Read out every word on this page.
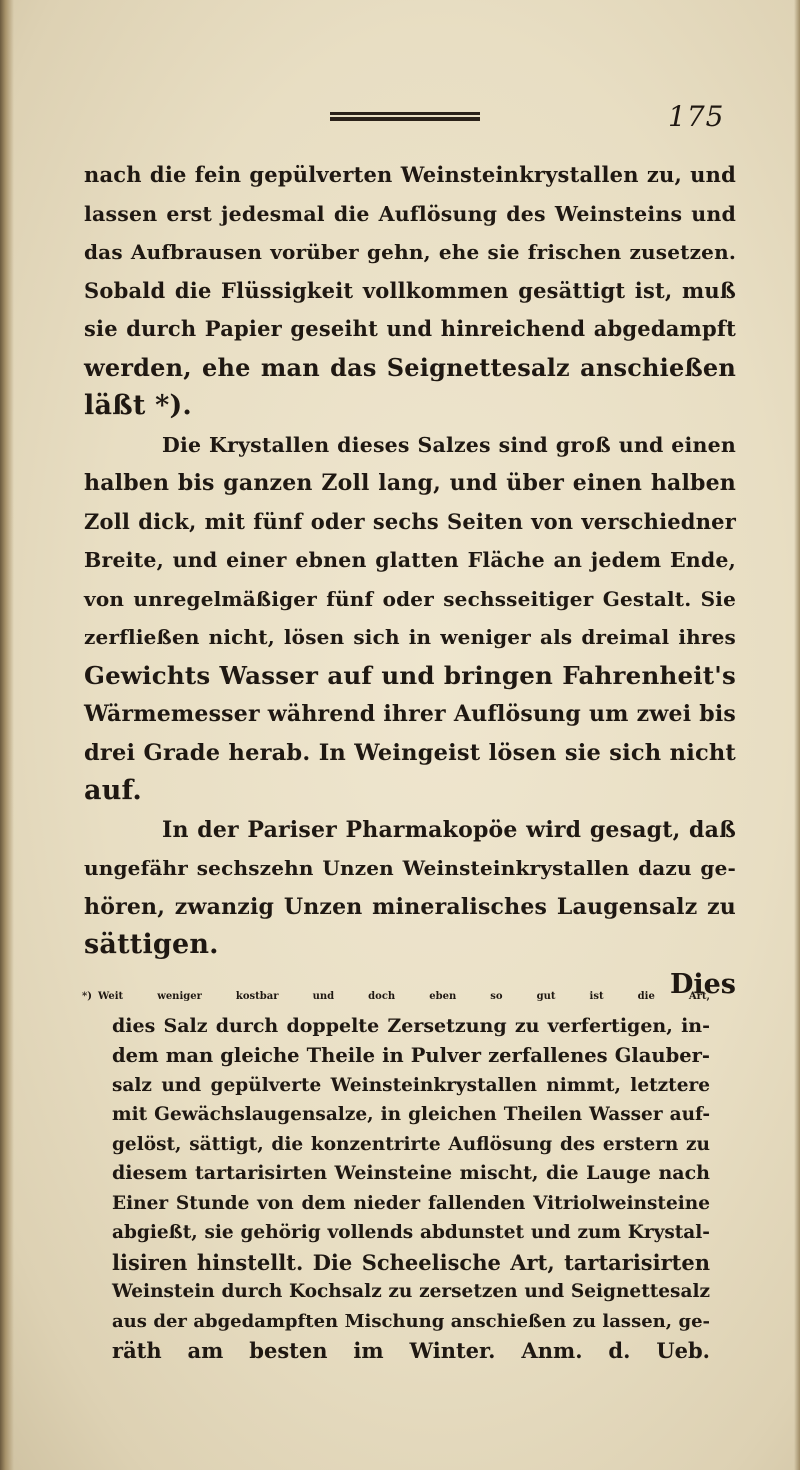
175
nach die fein gepülverten Weinsteinkrystallen zu, und
lassen erst jedesmal die Auflösung des Weinsteins und
das Aufbrausen vorüber gehn, ehe sie frischen zusetzen.
Sobald die Flüssigkeit vollkommen gesättigt ist, muß
sie durch Papier geseiht und hinreichend abgedampft
werden, ehe man das Seignettesalz anschießen
läßt *).
Die Krystallen dieses Salzes sind groß und einen
halben bis ganzen Zoll lang, und über einen halben
Zoll dick, mit fünf oder sechs Seiten von verschiedner
Breite, und einer ebnen glatten Fläche an jedem Ende,
von unregelmäßiger fünf oder sechsseitiger Gestalt. Sie
zerfließen nicht, lösen sich in weniger als dreimal ihres
Gewichts Wasser auf und bringen Fahrenheit's
Wärmemesser während ihrer Auflösung um zwei bis
drei Grade herab. In Weingeist lösen sie sich nicht
auf.
In der Pariser Pharmakopöe wird gesagt, daß
ungefähr sechszehn Unzen Weinsteinkrystallen dazu ge-
hören, zwanzig Unzen mineralisches Laugensalz zu
sättigen.
Dies
*) Weit weniger kostbar und doch eben so gut ist die Art,
dies Salz durch doppelte Zersetzung zu verfertigen, in-
dem man gleiche Theile in Pulver zerfallenes Glauber-
salz und gepülverte Weinsteinkrystallen nimmt, letztere
mit Gewächslaugensalze, in gleichen Theilen Wasser auf-
gelöst, sättigt, die konzentrirte Auflösung des erstern zu
diesem tartarisirten Weinsteine mischt, die Lauge nach
Einer Stunde von dem nieder fallenden Vitriolweinsteine
abgießt, sie gehörig vollends abdunstet und zum Krystal-
lisiren hinstellt. Die Scheelische Art, tartarisirten
Weinstein durch Kochsalz zu zersetzen und Seignettesalz
aus der abgedampften Mischung anschießen zu lassen, ge-
räth am besten im Winter. Anm. d. Ueb.
